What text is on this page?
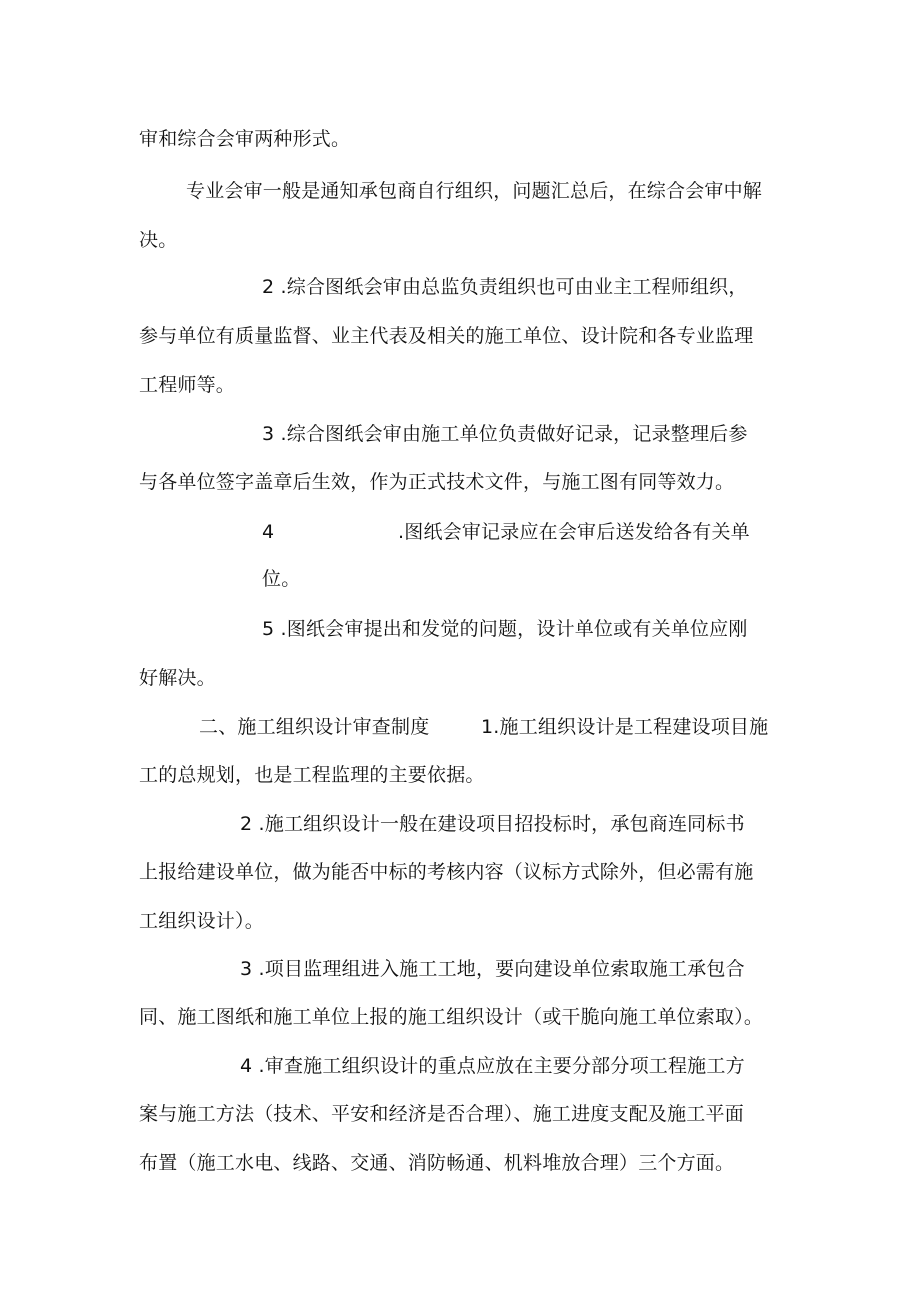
审和综合会审两种形式。
专业会审一般是通知承包商自行组织，问题汇总后，在综合会审中解
决。
2 .综合图纸会审由总监负责组织也可由业主工程师组织，
参与单位有质量监督、业主代表及相关的施工单位、设计院和各专业监理
工程师等。
3 .综合图纸会审由施工单位负责做好记录，记录整理后参
与各单位签字盖章后生效，作为正式技术文件，与施工图有同等效力。
4	.图纸会审记录应在会审后送发给各有关单
位。
5 .图纸会审提出和发觉的问题，设计单位或有关单位应刚
好解决。
二、施工组织设计审查制度	1.施工组织设计是工程建设项目施
工的总规划，也是工程监理的主要依据。
2 .施工组织设计一般在建设项目招投标时，承包商连同标书
上报给建设单位，做为能否中标的考核内容（议标方式除外，但必需有施
工组织设计）。
3 .项目监理组进入施工工地，要向建设单位索取施工承包合
同、施工图纸和施工单位上报的施工组织设计（或干脆向施工单位索取）。
4 .审查施工组织设计的重点应放在主要分部分项工程施工方
案与施工方法（技术、平安和经济是否合理）、施工进度支配及施工平面
布置（施工水电、线路、交通、消防畅通、机料堆放合理）三个方面。
